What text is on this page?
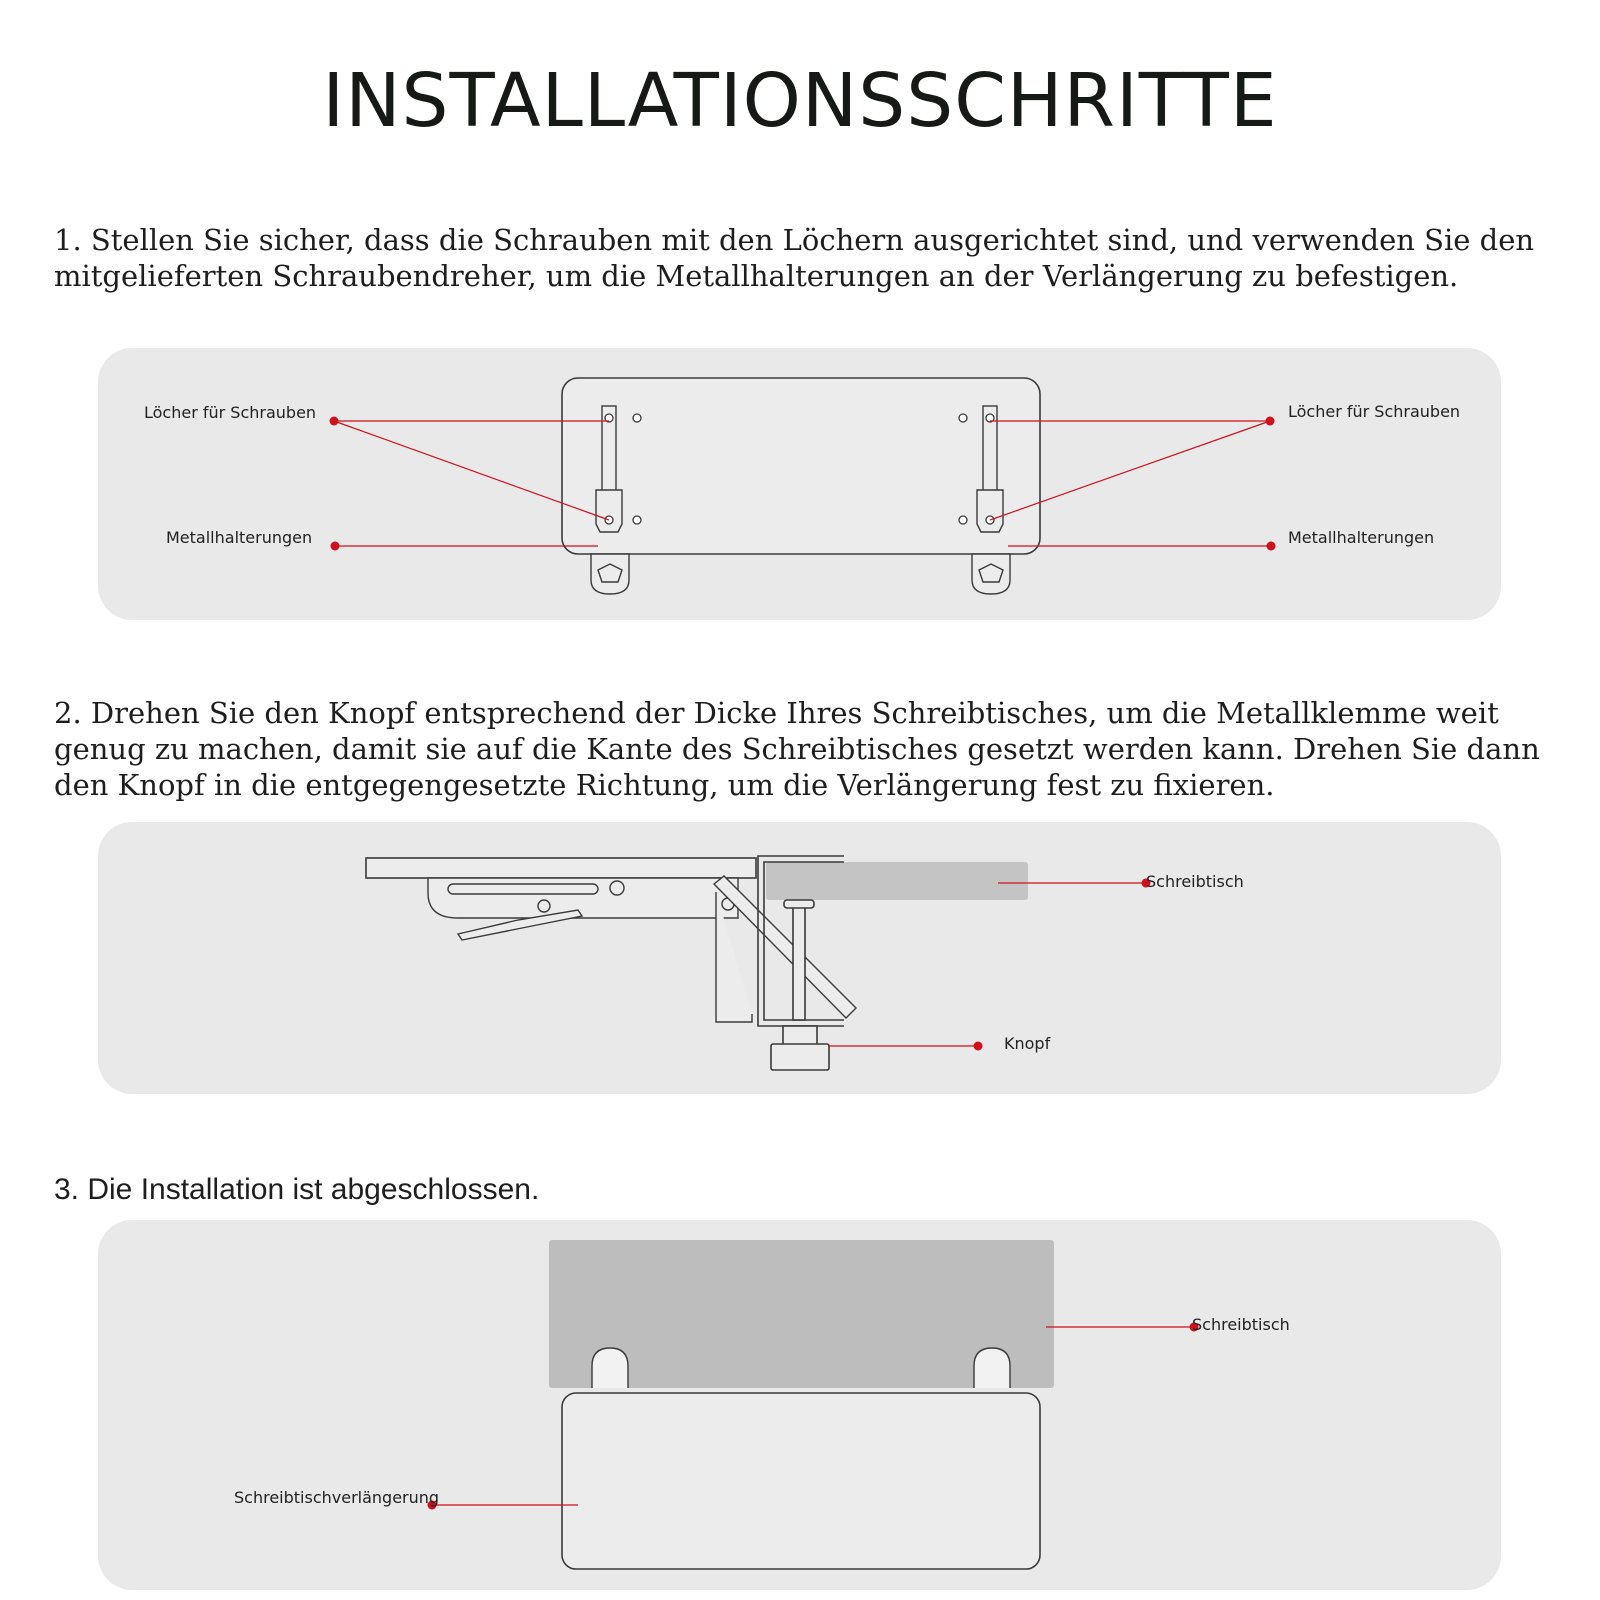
INSTALLATIONSSCHRITTE

1. Stellen Sie sicher, dass die Schrauben mit den Löchern ausgerichtet sind, und verwenden Sie den mitgelieferten Schraubendreher, um die Metallhalterungen an der Verlängerung zu befestigen.

Löcher für Schrauben
Metallhalterungen
Löcher für Schrauben
Metallhalterungen

2. Drehen Sie den Knopf entsprechend der Dicke Ihres Schreibtisches, um die Metallklemme weit genug zu machen, damit sie auf die Kante des Schreibtisches gesetzt werden kann. Drehen Sie dann den Knopf in die entgegengesetzte Richtung, um die Verlängerung fest zu fixieren.

Schreibtisch
Knopf

3. Die Installation ist abgeschlossen.

Schreibtisch
Schreibtischverlängerung
